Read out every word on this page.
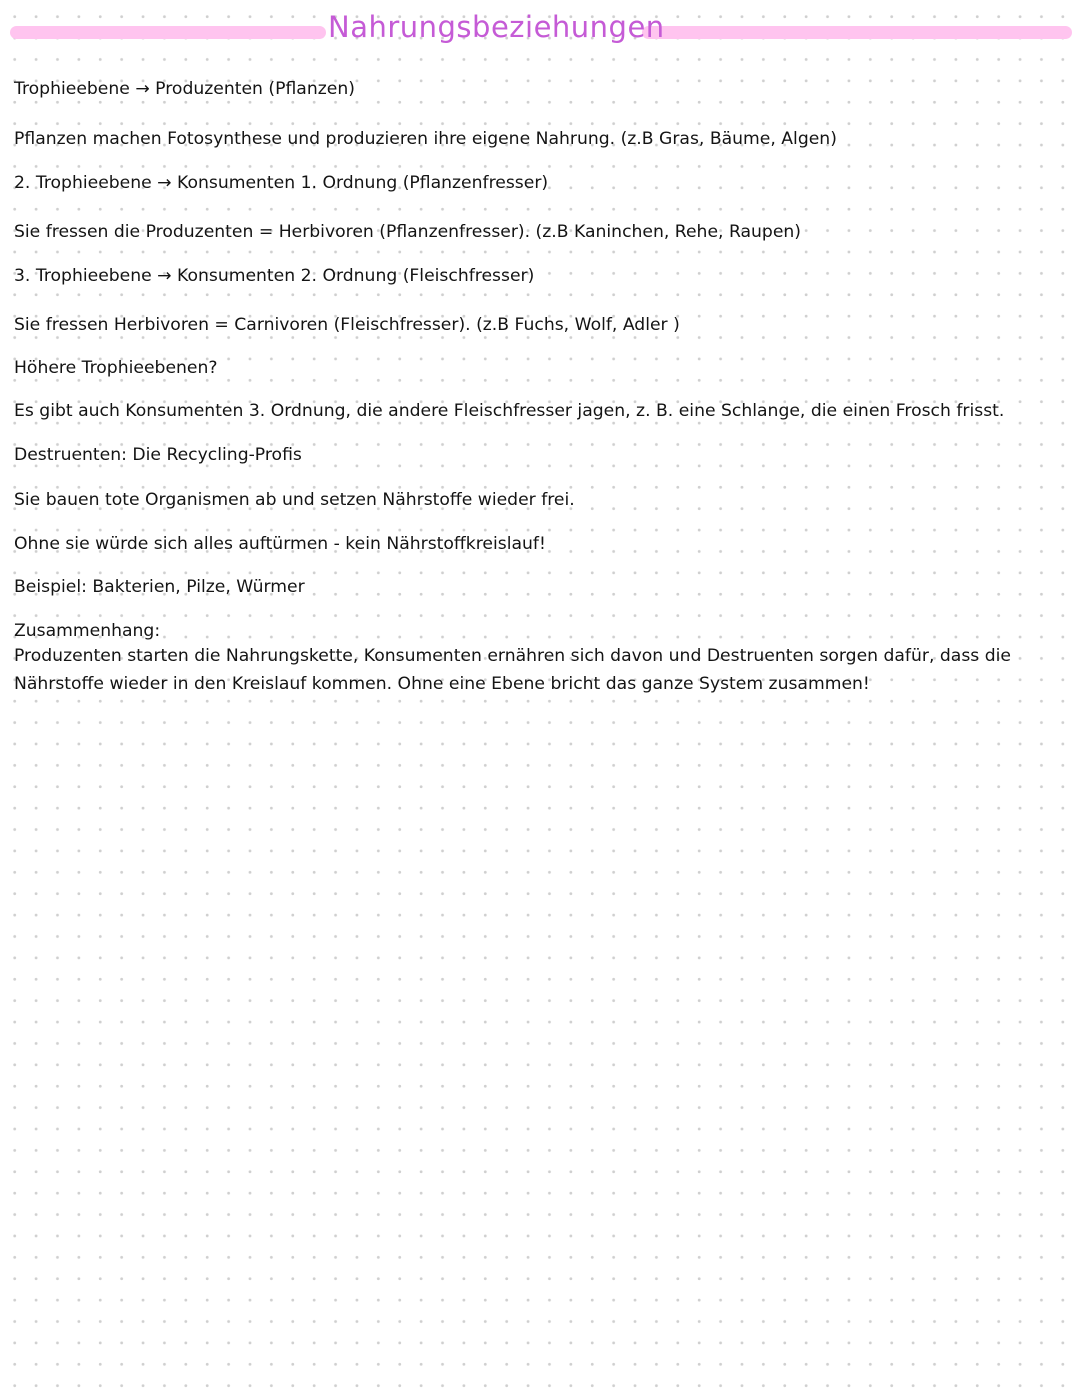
Nahrungsbeziehungen
Trophieebene → Produzenten (Pflanzen)
Pflanzen machen Fotosynthese und produzieren ihre eigene Nahrung. (z.B Gras, Bäume, Algen)
2. Trophieebene → Konsumenten 1. Ordnung (Pflanzenfresser)
Sie fressen die Produzenten = Herbivoren (Pflanzenfresser). (z.B Kaninchen, Rehe, Raupen)
3. Trophieebene → Konsumenten 2. Ordnung (Fleischfresser)
Sie fressen Herbivoren = Carnivoren (Fleischfresser). (z.B Fuchs, Wolf, Adler )
Höhere Trophieebenen?
Es gibt auch Konsumenten 3. Ordnung, die andere Fleischfresser jagen, z. B. eine Schlange, die einen Frosch frisst.
Destruenten: Die Recycling-Profis
Sie bauen tote Organismen ab und setzen Nährstoffe wieder frei.
Ohne sie würde sich alles auftürmen - kein Nährstoffkreislauf!
Beispiel: Bakterien, Pilze, Würmer
Zusammenhang:
Produzenten starten die Nahrungskette, Konsumenten ernähren sich davon und Destruenten sorgen dafür, dass die Nährstoffe wieder in den Kreislauf kommen. Ohne eine Ebene bricht das ganze System zusammen!
